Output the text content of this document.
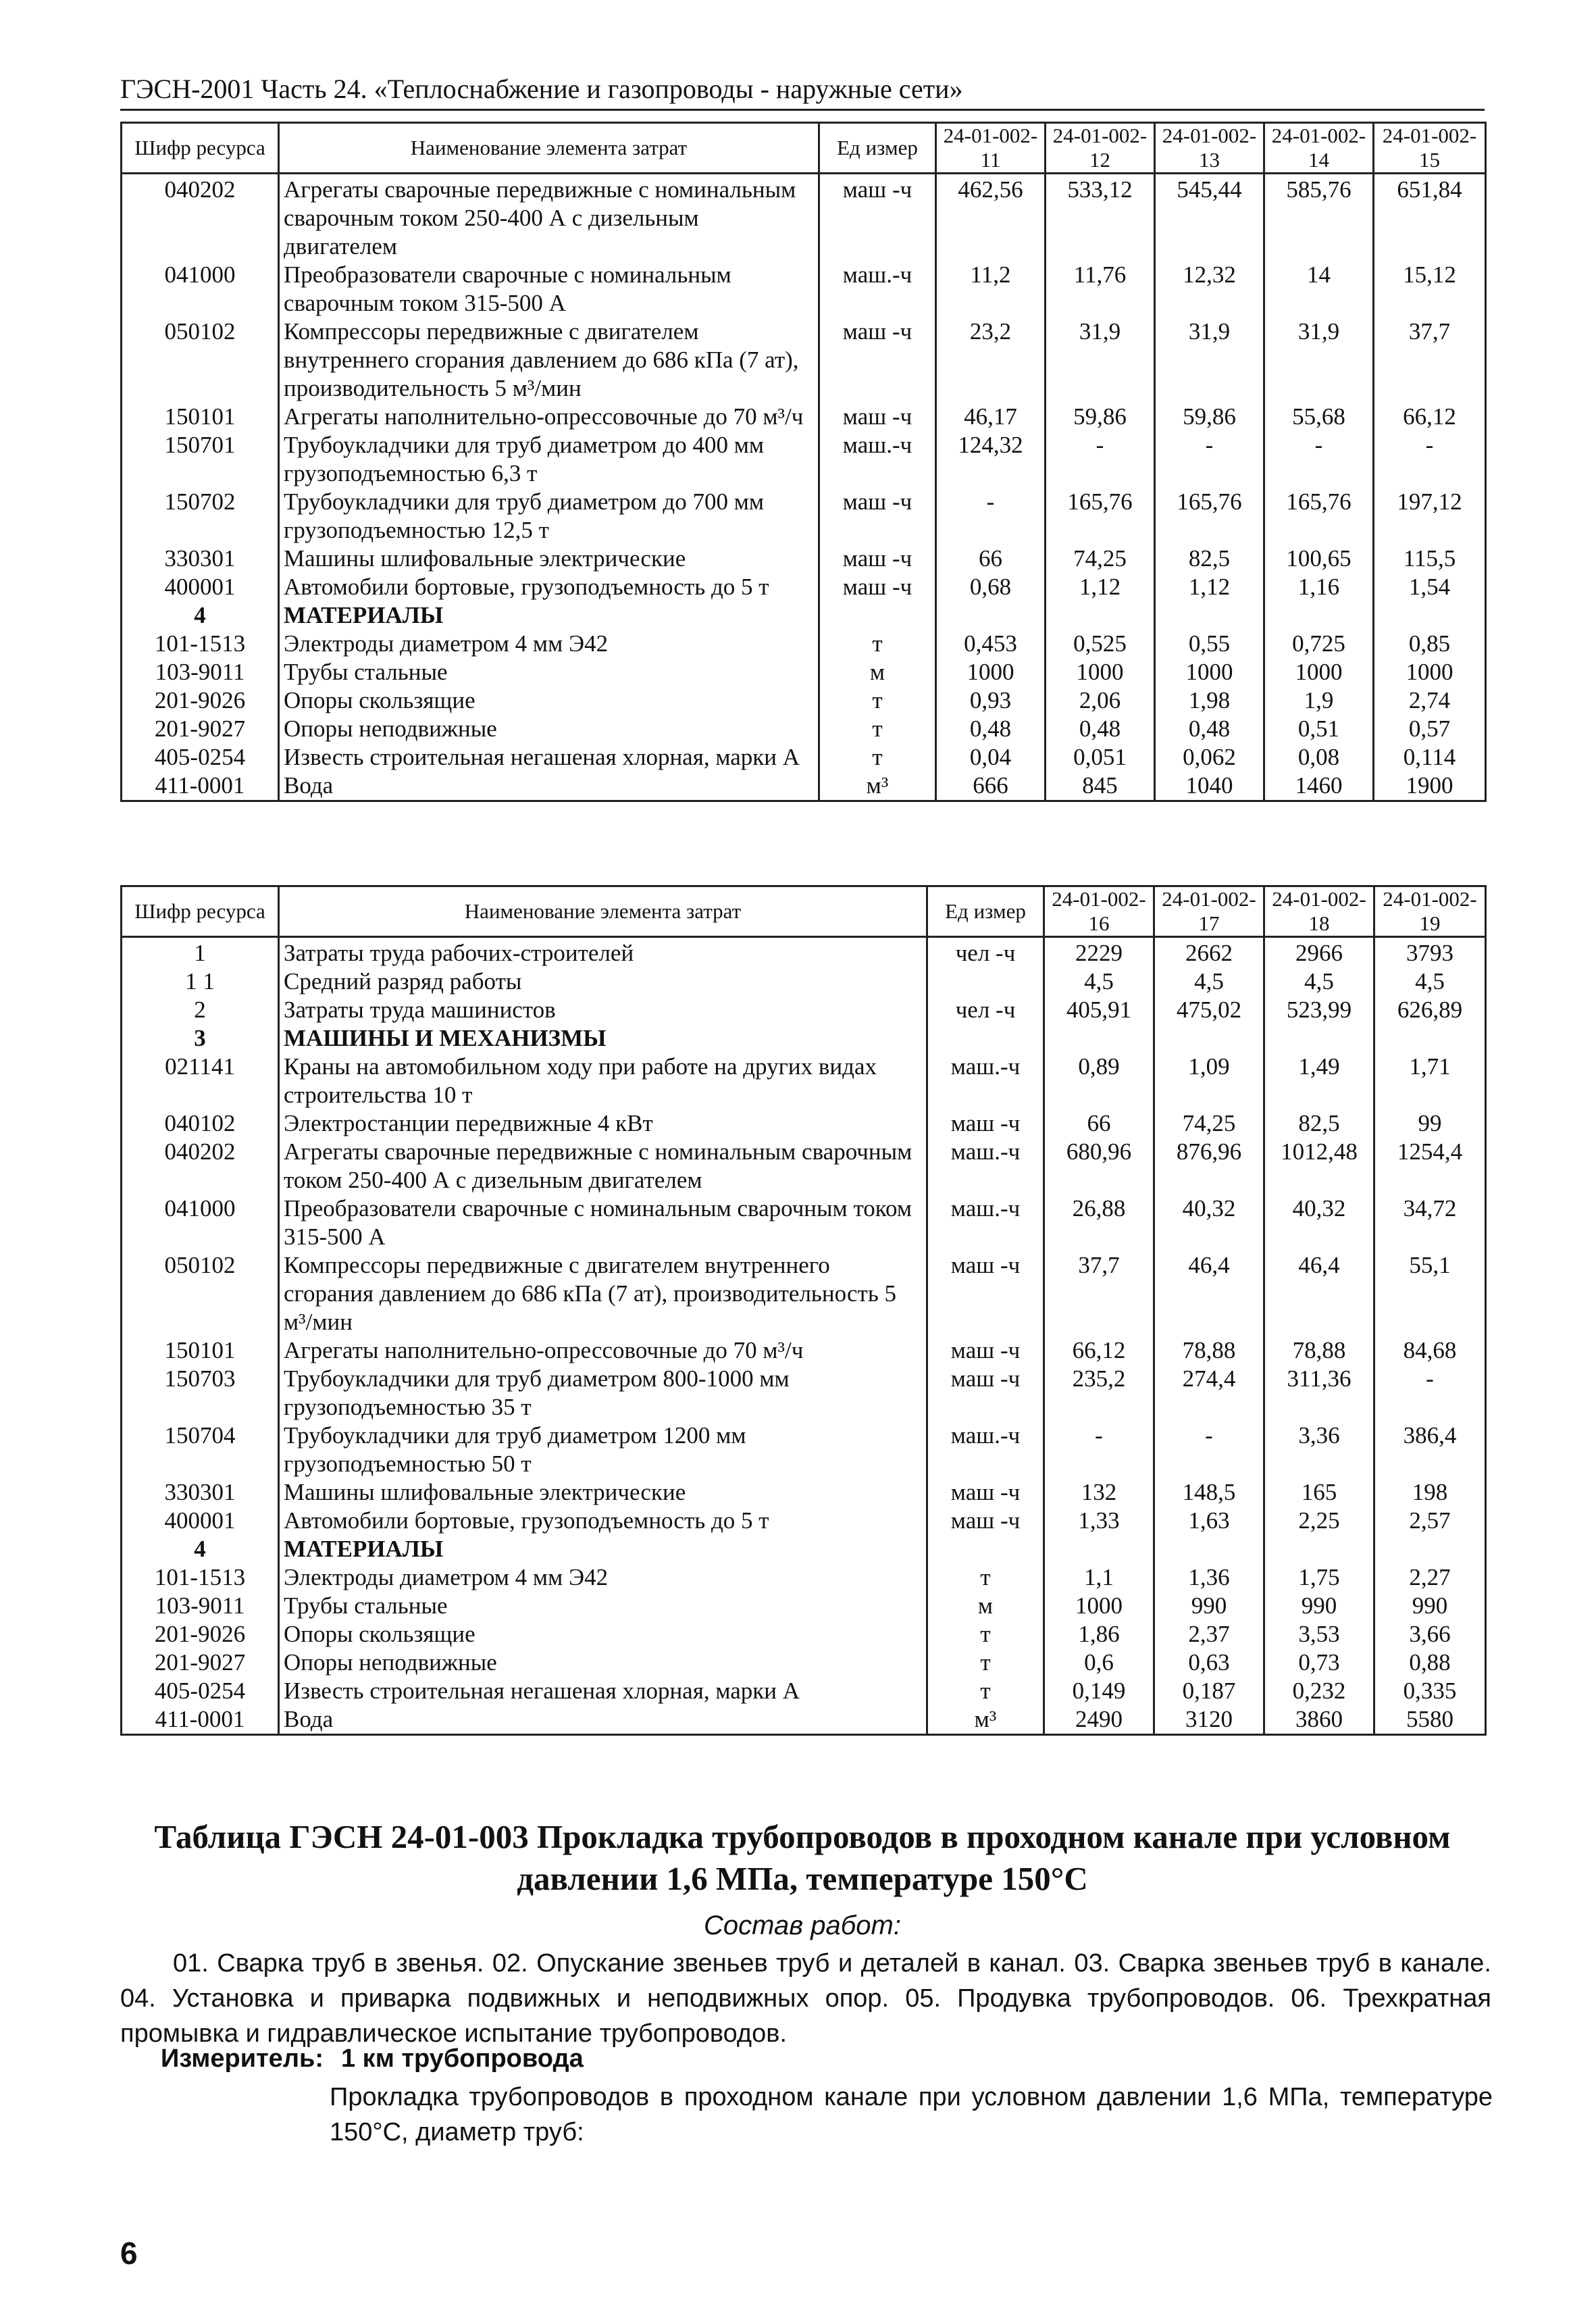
ГЭСН-2001 Часть 24. «Теплоснабжение и газопроводы - наружные сети»
Шифр ресурса	Наименование элемента затрат	Ед измер	24-01-002-11	24-01-002-12	24-01-002-13	24-01-002-14	24-01-002-15
040202	Агрегаты сварочные передвижные с номинальным сварочным током 250-400 А с дизельным двигателем	маш -ч	462,56	533,12	545,44	585,76	651,84
041000	Преобразователи сварочные с номинальным сварочным током 315-500 А	маш.-ч	11,2	11,76	12,32	14	15,12
050102	Компрессоры передвижные с двигателем внутреннего сгорания давлением до 686 кПа (7 ат), производительность 5 м³/мин	маш -ч	23,2	31,9	31,9	31,9	37,7
150101	Агрегаты наполнительно-опрессовочные до 70 м³/ч	маш -ч	46,17	59,86	59,86	55,68	66,12
150701	Трубоукладчики для труб диаметром до 400 мм грузоподъемностью 6,3 т	маш.-ч	124,32	-	-	-	-
150702	Трубоукладчики для труб диаметром до 700 мм грузоподъемностью 12,5 т	маш -ч	-	165,76	165,76	165,76	197,12
330301	Машины шлифовальные электрические	маш -ч	66	74,25	82,5	100,65	115,5
400001	Автомобили бортовые, грузоподъемность до 5 т	маш -ч	0,68	1,12	1,12	1,16	1,54
4	МАТЕРИАЛЫ						
101-1513	Электроды диаметром 4 мм Э42	т	0,453	0,525	0,55	0,725	0,85
103-9011	Трубы стальные	м	1000	1000	1000	1000	1000
201-9026	Опоры скользящие	т	0,93	2,06	1,98	1,9	2,74
201-9027	Опоры неподвижные	т	0,48	0,48	0,48	0,51	0,57
405-0254	Известь строительная негашеная хлорная, марки А	т	0,04	0,051	0,062	0,08	0,114
411-0001	Вода	м³	666	845	1040	1460	1900
Шифр ресурса	Наименование элемента затрат	Ед измер	24-01-002-16	24-01-002-17	24-01-002-18	24-01-002-19
1	Затраты труда рабочих-строителей	чел -ч	2229	2662	2966	3793
1 1	Средний разряд работы		4,5	4,5	4,5	4,5
2	Затраты труда машинистов	чел -ч	405,91	475,02	523,99	626,89
3	МАШИНЫ И МЕХАНИЗМЫ					
021141	Краны на автомобильном ходу при работе на других видах строительства 10 т	маш.-ч	0,89	1,09	1,49	1,71
040102	Электростанции передвижные 4 кВт	маш -ч	66	74,25	82,5	99
040202	Агрегаты сварочные передвижные с номинальным сварочным током 250-400 А с дизельным двигателем	маш.-ч	680,96	876,96	1012,48	1254,4
041000	Преобразователи сварочные с номинальным сварочным током 315-500 А	маш.-ч	26,88	40,32	40,32	34,72
050102	Компрессоры передвижные с двигателем внутреннего сгорания давлением до 686 кПа (7 ат), производительность 5 м³/мин	маш -ч	37,7	46,4	46,4	55,1
150101	Агрегаты наполнительно-опрессовочные до 70 м³/ч	маш -ч	66,12	78,88	78,88	84,68
150703	Трубоукладчики для труб диаметром 800-1000 мм грузоподъемностью 35 т	маш -ч	235,2	274,4	311,36	-
150704	Трубоукладчики для труб диаметром 1200 мм грузоподъемностью 50 т	маш.-ч	-	-	3,36	386,4
330301	Машины шлифовальные электрические	маш -ч	132	148,5	165	198
400001	Автомобили бортовые, грузоподъемность до 5 т	маш -ч	1,33	1,63	2,25	2,57
4	МАТЕРИАЛЫ					
101-1513	Электроды диаметром 4 мм Э42	т	1,1	1,36	1,75	2,27
103-9011	Трубы стальные	м	1000	990	990	990
201-9026	Опоры скользящие	т	1,86	2,37	3,53	3,66
201-9027	Опоры неподвижные	т	0,6	0,63	0,73	0,88
405-0254	Известь строительная негашеная хлорная, марки А	т	0,149	0,187	0,232	0,335
411-0001	Вода	м³	2490	3120	3860	5580
Таблица ГЭСН 24-01-003 Прокладка трубопроводов в проходном канале при условном давлении 1,6 МПа, температуре 150°С
Состав работ:
01. Сварка труб в звенья. 02. Опускание звеньев труб и деталей в канал. 03. Сварка звеньев труб в канале. 04. Установка и приварка подвижных и неподвижных опор. 05. Продувка трубопроводов. 06. Трехкратная промывка и гидравлическое испытание трубопроводов.
Измеритель: 1 км трубопровода
Прокладка трубопроводов в проходном канале при условном давлении 1,6 МПа, температуре 150°С, диаметр труб:
6
